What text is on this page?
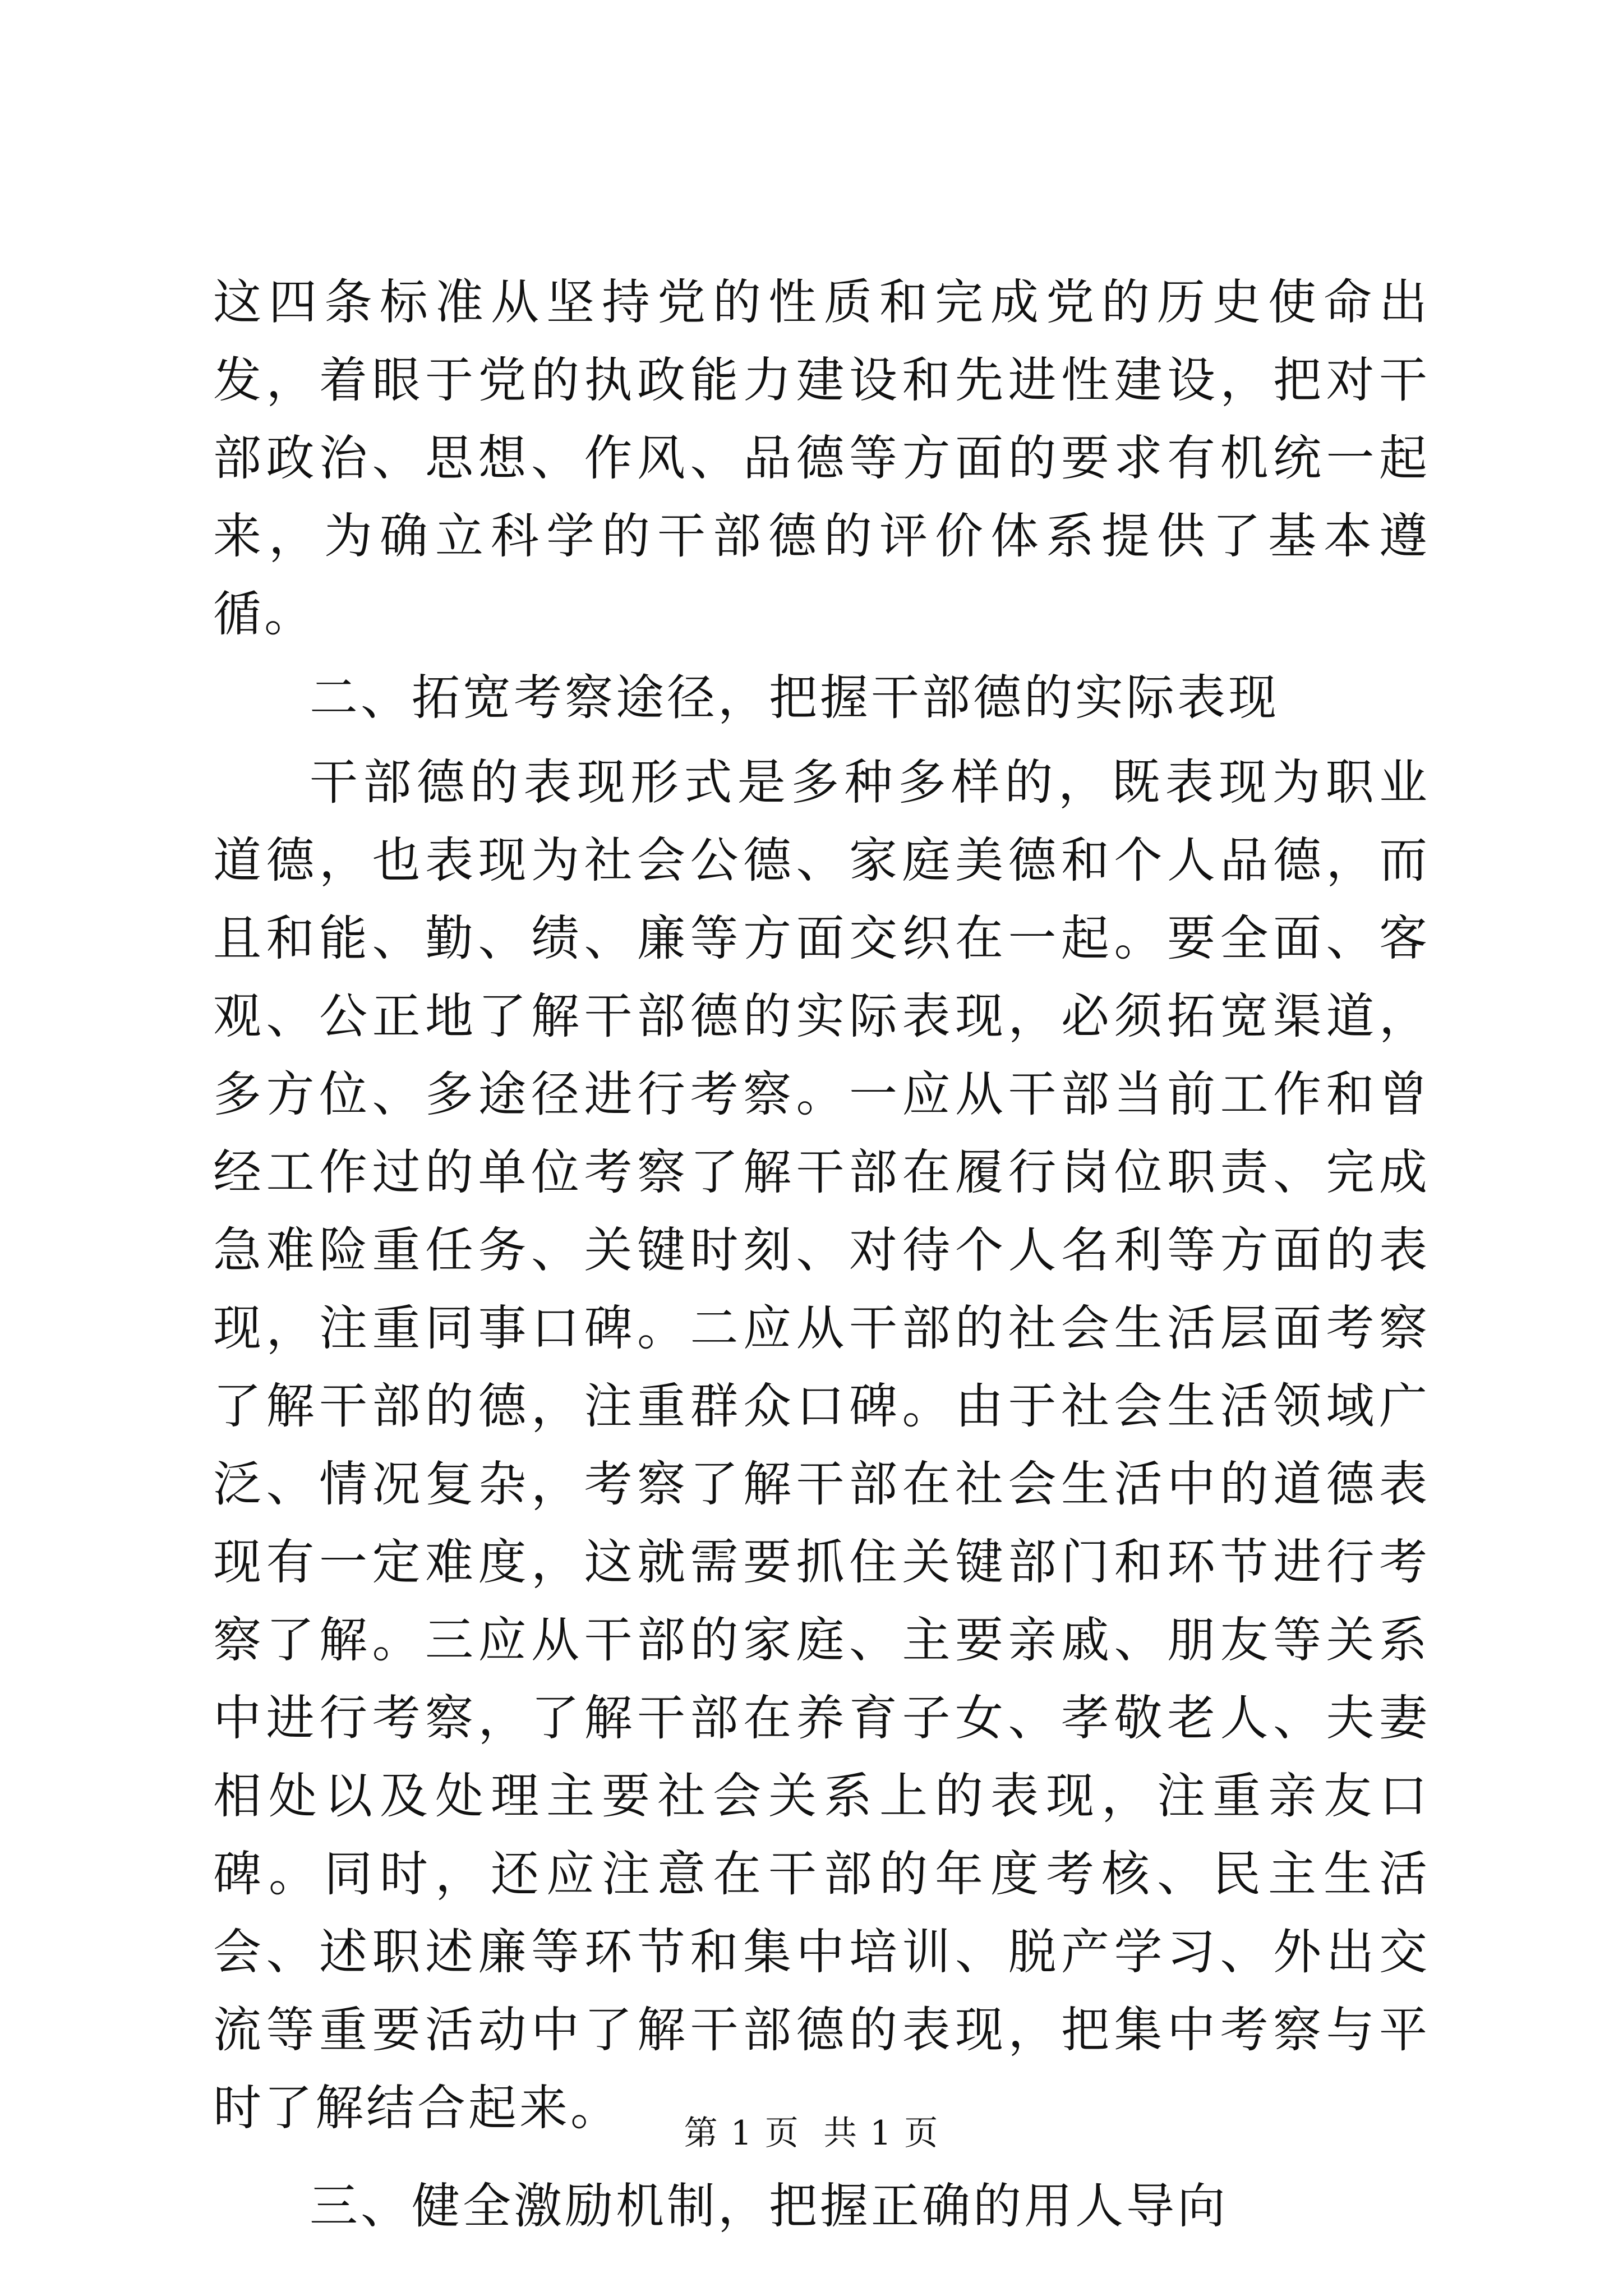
这四条标准从坚持党的性质和完成党的历史使命出发，着眼于党的执政能力建设和先进性建设，把对干部政治、思想、作风、品德等方面的要求有机统一起来，为确立科学的干部德的评价体系提供了基本遵循。

二、拓宽考察途径，把握干部德的实际表现

干部德的表现形式是多种多样的，既表现为职业道德，也表现为社会公德、家庭美德和个人品德，而且和能、勤、绩、廉等方面交织在一起。要全面、客观、公正地了解干部德的实际表现，必须拓宽渠道，多方位、多途径进行考察。一应从干部当前工作和曾经工作过的单位考察了解干部在履行岗位职责、完成急难险重任务、关键时刻、对待个人名利等方面的表现，注重同事口碑。二应从干部的社会生活层面考察了解干部的德，注重群众口碑。由于社会生活领域广泛、情况复杂，考察了解干部在社会生活中的道德表现有一定难度，这就需要抓住关键部门和环节进行考察了解。三应从干部的家庭、主要亲戚、朋友等关系中进行考察，了解干部在养育子女、孝敬老人、夫妻相处以及处理主要社会关系上的表现，注重亲友口碑。同时，还应注意在干部的年度考核、民主生活会、述职述廉等环节和集中培训、脱产学习、外出交流等重要活动中了解干部德的表现，把集中考察与平时了解结合起来。

三、健全激励机制，把握正确的用人导向

第 1 页  共 1 页
